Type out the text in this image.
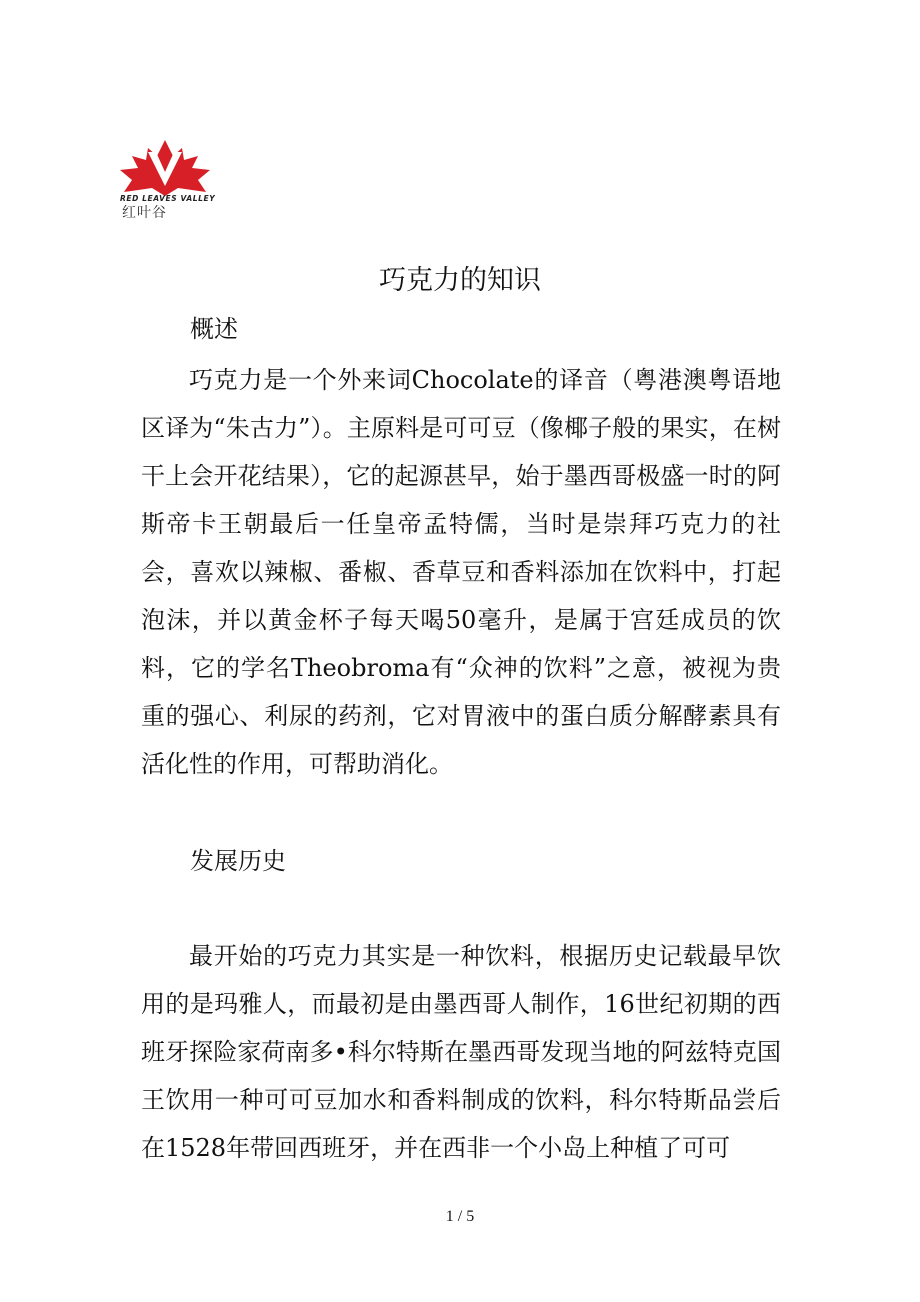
RED LEAVES VALLEY
红叶谷
巧克力的知识
概述

巧克力是一个外来词Chocolate的译音（粤港澳粤语地区译为“朱古力”）。主原料是可可豆（像椰子般的果实，在树干上会开花结果），它的起源甚早，始于墨西哥极盛一时的阿斯帝卡王朝最后一任皇帝孟特儒，当时是崇拜巧克力的社会，喜欢以辣椒、番椒、香草豆和香料添加在饮料中，打起泡沫，并以黄金杯子每天喝50毫升，是属于宫廷成员的饮料，它的学名Theobroma有“众神的饮料”之意，被视为贵重的强心、利尿的药剂，它对胃液中的蛋白质分解酵素具有活化性的作用，可帮助消化。

发展历史

最开始的巧克力其实是一种饮料，根据历史记载最早饮用的是玛雅人，而最初是由墨西哥人制作，16世纪初期的西班牙探险家荷南多•科尔特斯在墨西哥发现当地的阿兹特克国王饮用一种可可豆加水和香料制成的饮料，科尔特斯品尝后在1528年带回西班牙，并在西非一个小岛上种植了可可

1 / 5
